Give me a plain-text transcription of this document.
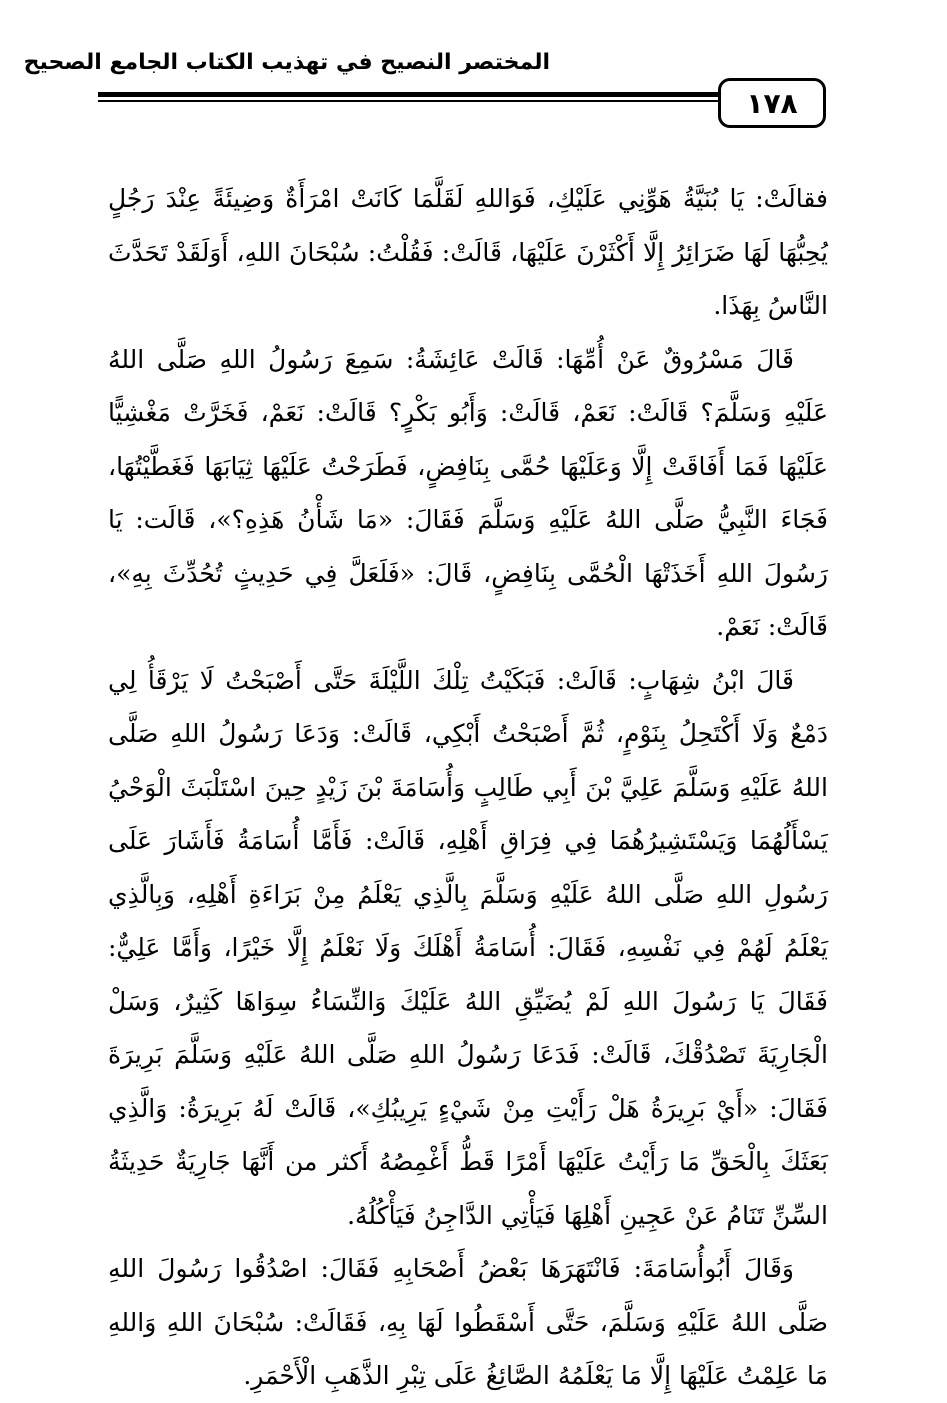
المختصر النصيح في تهذيب الكتاب الجامع الصحيح
١٧٨

فقالَتْ: يَا بُنَيَّةُ هَوِّنِي عَلَيْكِ، فَوَاللهِ لَقَلَّمَا كَانَتْ امْرَأَةٌ وَضِيئَةً عِنْدَ رَجُلٍ يُحِبُّهَا لَهَا ضَرَائِرُ إِلَّا أَكْثَرْنَ عَلَيْهَا، قَالَتْ: فَقُلْتُ: سُبْحَانَ اللهِ، أَوَلَقَدْ تَحَدَّثَ النَّاسُ بِهَذَا.

قَالَ مَسْرُوقٌ عَنْ أُمِّهَا: قَالَتْ عَائِشَةُ: سَمِعَ رَسُولُ اللهِ صَلَّى اللهُ عَلَيْهِ وَسَلَّمَ؟ قَالَتْ: نَعَمْ، قَالَتْ: وَأَبُو بَكْرٍ؟ قَالَتْ: نَعَمْ، فَخَرَّتْ مَغْشِيًّا عَلَيْهَا فَمَا أَفَاقَتْ إِلَّا وَعَلَيْهَا حُمَّى بِنَافِضٍ، فَطَرَحْتُ عَلَيْهَا ثِيَابَهَا فَغَطَّيْتُهَا، فَجَاءَ النَّبِيُّ صَلَّى اللهُ عَلَيْهِ وَسَلَّمَ فَقَالَ: «مَا شَأْنُ هَذِهِ؟»، قَالَت: يَا رَسُولَ اللهِ أَخَذَتْهَا الْحُمَّى بِنَافِضٍ، قَالَ: «فَلَعَلَّ فِي حَدِيثٍ تُحُدِّثَ بِهِ»، قَالَتْ: نَعَمْ.

قَالَ ابْنُ شِهَابٍ: قَالَتْ: فَبَكَيْتُ تِلْكَ اللَّيْلَةَ حَتَّى أَصْبَحْتُ لَا يَرْقَأُ لِي دَمْعٌ وَلَا أَكْتَحِلُ بِنَوْمٍ، ثُمَّ أَصْبَحْتُ أَبْكِي، قَالَتْ: وَدَعَا رَسُولُ اللهِ صَلَّى اللهُ عَلَيْهِ وَسَلَّمَ عَلِيَّ بْنَ أَبِي طَالِبٍ وَأُسَامَةَ بْنَ زَيْدٍ حِينَ اسْتَلْبَثَ الْوَحْيُ يَسْأَلُهُمَا وَيَسْتَشِيرُهُمَا فِي فِرَاقِ أَهْلِهِ، قَالَتْ: فَأَمَّا أُسَامَةُ فَأَشَارَ عَلَى رَسُولِ اللهِ صَلَّى اللهُ عَلَيْهِ وَسَلَّمَ بِالَّذِي يَعْلَمُ مِنْ بَرَاءَةِ أَهْلِهِ، وَبِالَّذِي يَعْلَمُ لَهُمْ فِي نَفْسِهِ، فَقَالَ: أُسَامَةُ أَهْلَكَ وَلَا نَعْلَمُ إِلَّا خَيْرًا، وَأَمَّا عَلِيٌّ: فَقَالَ يَا رَسُولَ اللهِ لَمْ يُضَيِّقِ اللهُ عَلَيْكَ وَالنِّسَاءُ سِوَاهَا كَثِيرٌ، وَسَلْ الْجَارِيَةَ تَصْدُقْكَ، قَالَتْ: فَدَعَا رَسُولُ اللهِ صَلَّى اللهُ عَلَيْهِ وَسَلَّمَ بَرِيرَةَ فَقَالَ: «أَيْ بَرِيرَةُ هَلْ رَأَيْتِ مِنْ شَيْءٍ يَرِيبُكِ»، قَالَتْ لَهُ بَرِيرَةُ: وَالَّذِي بَعَثَكَ بِالْحَقِّ مَا رَأَيْتُ عَلَيْهَا أَمْرًا قَطُّ أَغْمِصُهُ أَكثر من أَنَّهَا جَارِيَةٌ حَدِيثَةُ السِّنِّ تَنَامُ عَنْ عَجِينِ أَهْلِهَا فَيَأْتِي الدَّاجِنُ فَيَأْكُلُهُ.

وَقَالَ أَبُوأُسَامَةَ: فَانْتَهَرَهَا بَعْضُ أَصْحَابِهِ فَقَالَ: اصْدُقُوا رَسُولَ اللهِ صَلَّى اللهُ عَلَيْهِ وَسَلَّمَ، حَتَّى أَسْقَطُوا لَهَا بِهِ، فَقَالَتْ: سُبْحَانَ اللهِ وَاللهِ مَا عَلِمْتُ عَلَيْهَا إِلَّا مَا يَعْلَمُهُ الصَّائِغُ عَلَى تِبْرِ الذَّهَبِ الْأَحْمَرِ.
